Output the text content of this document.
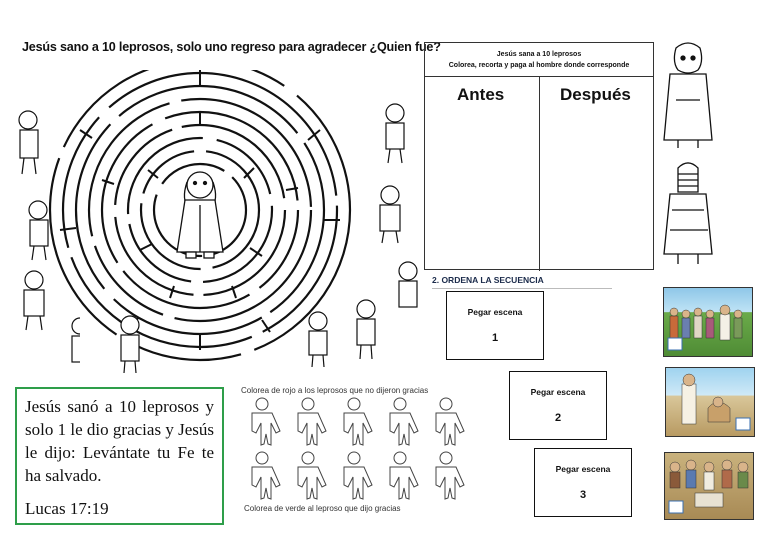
Jesús sano a 10 leprosos, solo uno regreso para agradecer ¿Quien fue?
Jesús sana a 10 leprosos
Colorea, recorta y paga al hombre donde corresponde
Antes	Después
2. ORDENA LA SECUENCIA
Pegar escena
1
Pegar escena
2
Pegar escena
3
Jesús sanó a 10 leprosos y solo 1 le dio gracias y Jesús le dijo: Levántate tu Fe te ha salvado.
Lucas 17:19
Colorea de rojo a los leprosos que no dijeron gracias
Colorea de verde al leproso que dijo gracias
